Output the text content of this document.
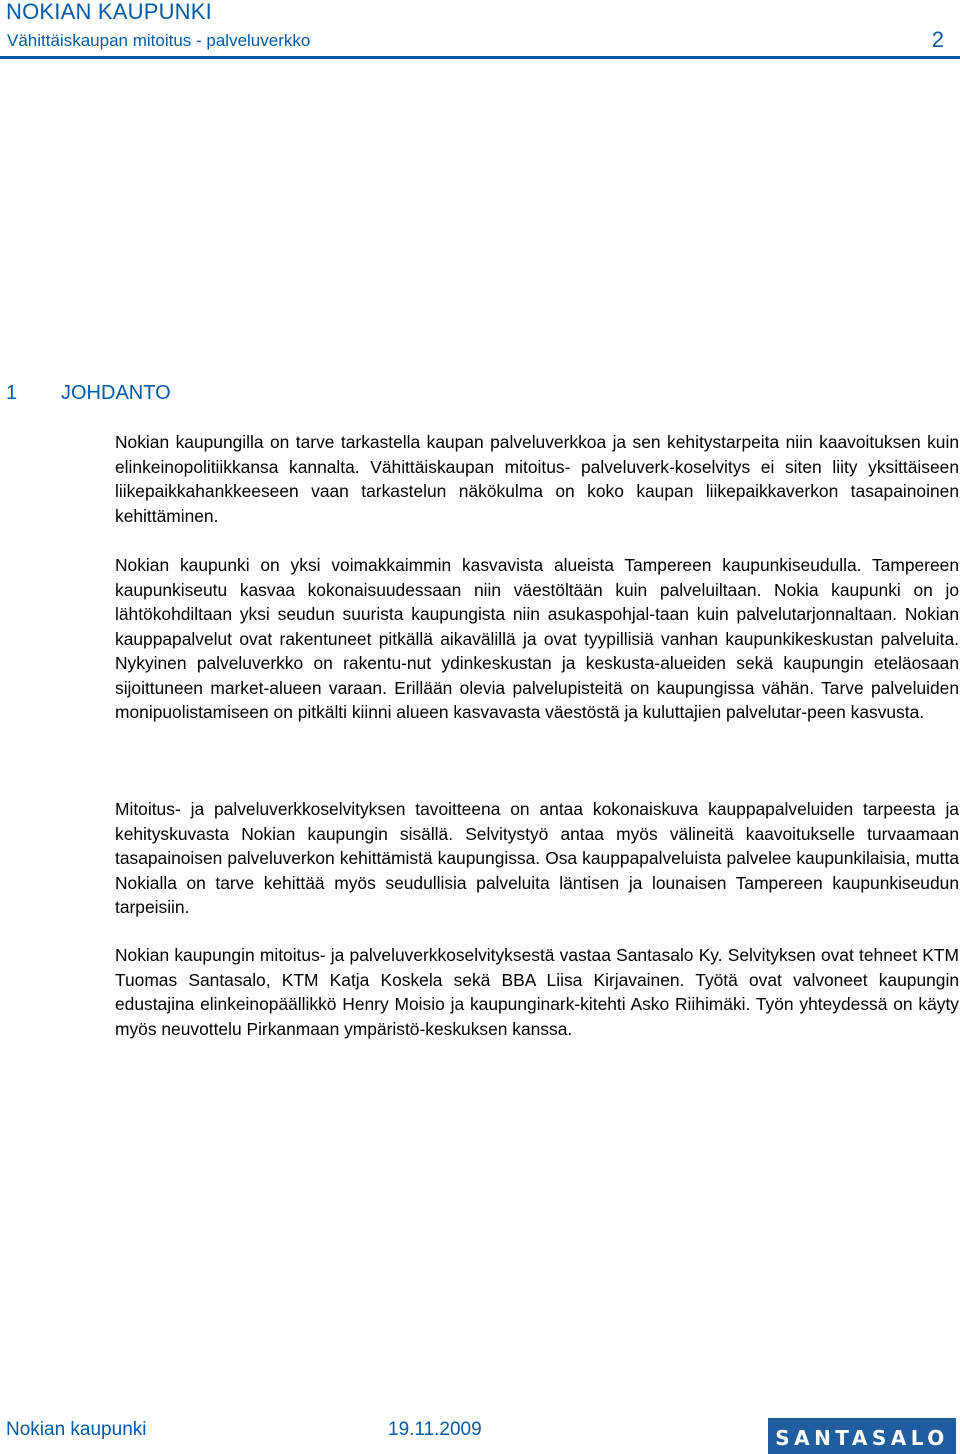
NOKIAN KAUPUNKI
Vähittäiskaupan mitoitus - palveluverkko	2
1 JOHDANTO

Nokian kaupungilla on tarve tarkastella kaupan palveluverkkoa ja sen kehitystarpeita niin kaavoituksen kuin elinkeinopolitiikkansa kannalta. Vähittäiskaupan mitoitus- palveluverk-koselvitys ei siten liity yksittäiseen liikepaikkahankkeeseen vaan tarkastelun näkökulma on koko kaupan liikepaikkaverkon tasapainoinen kehittäminen.

Nokian kaupunki on yksi voimakkaimmin kasvavista alueista Tampereen kaupunkiseudulla. Tampereen kaupunkiseutu kasvaa kokonaisuudessaan niin väestöltään kuin palveluiltaan. Nokia kaupunki on jo lähtökohdiltaan yksi seudun suurista kaupungista niin asukaspohjal-taan kuin palvelutarjonnaltaan. Nokian kauppapalvelut ovat rakentuneet pitkällä aikavälillä ja ovat tyypillisiä vanhan kaupunkikeskustan palveluita. Nykyinen palveluverkko on rakentu-nut ydinkeskustan ja keskusta-alueiden sekä kaupungin eteläosaan sijoittuneen market-alueen varaan. Erillään olevia palvelupisteitä on kaupungissa vähän. Tarve palveluiden monipuolistamiseen on pitkälti kiinni alueen kasvavasta väestöstä ja kuluttajien palvelutar-peen kasvusta.

Mitoitus- ja palveluverkkoselvityksen tavoitteena on antaa kokonaiskuva kauppapalveluiden tarpeesta ja kehityskuvasta Nokian kaupungin sisällä. Selvitystyö antaa myös välineitä kaavoitukselle turvaamaan tasapainoisen palveluverkon kehittämistä kaupungissa. Osa kauppapalveluista palvelee kaupunkilaisia, mutta Nokialla on tarve kehittää myös seudullisia palveluita läntisen ja lounaisen Tampereen kaupunkiseudun tarpeisiin.

Nokian kaupungin mitoitus- ja palveluverkkoselvityksestä vastaa Santasalo Ky. Selvityksen ovat tehneet KTM Tuomas Santasalo, KTM Katja Koskela sekä BBA Liisa Kirjavainen. Työtä ovat valvoneet kaupungin edustajina elinkeinopäällikkö Henry Moisio ja kaupunginark-kitehti Asko Riihimäki. Työn yhteydessä on käyty myös neuvottelu Pirkanmaan ympäristö-keskuksen kanssa.

Nokian kaupunki	19.11.2009	SANTASALO
